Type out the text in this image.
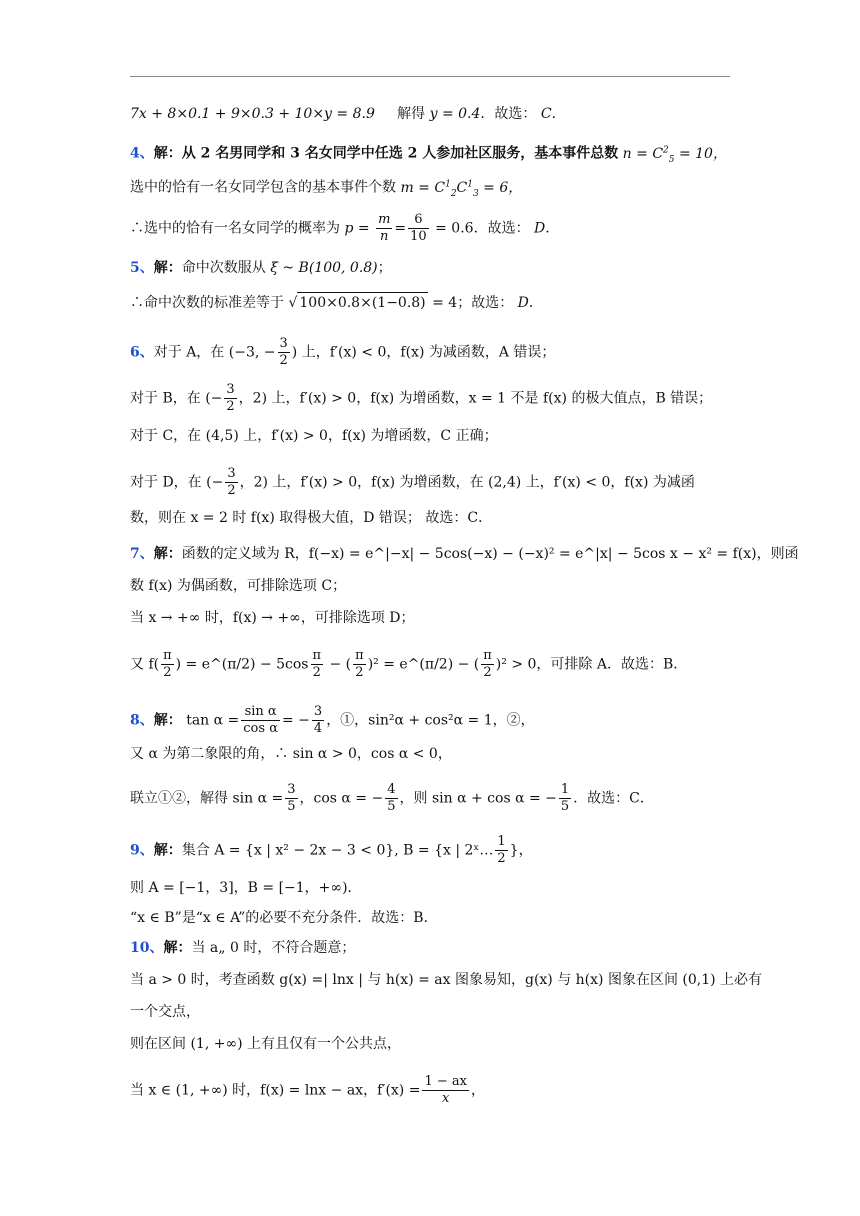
7x + 8×0.1 + 9×0.3 + 10×y = 8.9 解得 y = 0.4．故选： C．
4、解：从 2 名男同学和 3 名女同学中任选 2 人参加社区服务，基本事件总数 $n = C^2_5 = 10$，
选中的恰有一名女同学包含的基本事件个数 $m = C^1_2C^1_3 = 6$，
∴选中的恰有一名女同学的概率为 $p = \frac{m}{n} = \frac{6}{10} = 0.6$．故选： D．
5、解：命中次数服从 ξ ~ B(100, 0.8)；
∴命中次数的标准差等于 √ 100×0.8×(1−0.8) = 4；故选： D．
6、对于 A，在 (−3, − $\frac{3}{2}$ ) 上，f′(x) < 0，f(x) 为减函数，A 错误；
对于 B，在 (− $\frac{3}{2}$ ，2) 上，f′(x) > 0，f(x) 为增函数，x = 1 不是 f(x) 的极大值点，B 错误；
对于 C，在 (4,5) 上，f′(x) > 0，f(x) 为增函数，C 正确；
对于 D，在 (− $\frac{3}{2}$ ，2) 上，f′(x) > 0，f(x) 为增函数，在 (2,4) 上，f′(x) < 0，f(x) 为减函
数，则在 x = 2 时 f(x) 取得极大值，D 错误； 故选：C．
7、解：函数的定义域为 R，f(−x) = e^|−x| − 5cos(−x) − (−x)² = e^|x| − 5cos x − x² = f(x)，则函
数 f(x) 为偶函数，可排除选项 C；
当 x → +∞ 时，f(x) → +∞，可排除选项 D；
又 $f( \frac{\pi}{2}$ ) = e^(π/2) − $5\cos \frac{\pi}{2}$ − ( $\frac{\pi}{2} )^2$ = e^(π/2) − ( $\frac{\pi}{2} )^2 > 0$，可排除 A．故选：B．
8、解： $\tan \alpha = \frac{\text{sin α}}{\text{cos α}}$ = − $\frac{3}{4}$ ，①，sin²α + cos²α = 1，②，
又 α 为第二象限的角，∴ sin α > 0，cos α < 0，
联立①②，解得 $\sin \alpha = \frac{3}{5}$ ，cos α = − $\frac{4}{5}$ ，则 sin α + cos α = − $\frac{1}{5}$ ．故选：C．
9、解：集合 A = {x | x² − 2x − 3 < 0}, B = {x | 2ˣ… $\frac{1}{2}$ }，
则 A = [−1，3]，B = [−1，+∞)．
“x ∈ B”是“x ∈ A”的必要不充分条件．故选：B．
10、解：当 a„ 0 时，不符合题意；
当 a > 0 时，考查函数 g(x) =| lnx | 与 h(x) = ax 图象易知，g(x) 与 h(x) 图象在区间 (0,1) 上必有
一个交点，
则在区间 (1, +∞) 上有且仅有一个公共点，
当 x ∈ (1, +∞) 时，f(x) = lnx − ax，$f'(x) = \frac{1 - ax}{x}$ ，
